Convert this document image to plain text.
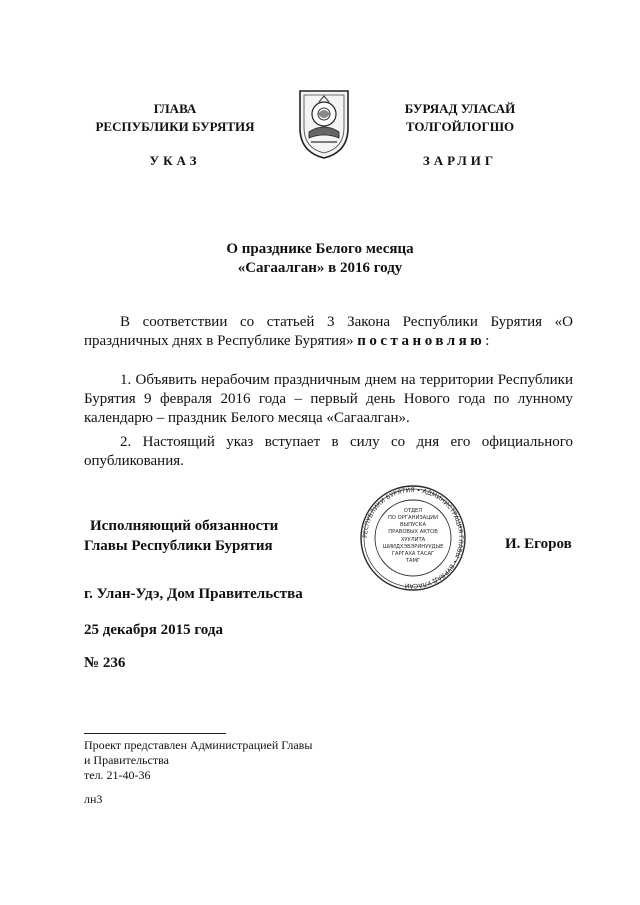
ГЛАВА
РЕСПУБЛИКИ БУРЯТИЯ
БУРЯАД УЛАСАЙ
ТОЛГОЙЛОГШО
УКАЗ	ЗАРЛИГ
О празднике Белого месяца
«Сагаалган» в 2016 году
В соответствии со статьей 3 Закона Республики Бурятия «О праздничных днях в Республике Бурятия» постановляю:
1. Объявить нерабочим праздничным днем на территории Республики Бурятия 9 февраля 2016 года – первый день Нового года по лунному календарю – праздник Белого месяца «Сагаалган».
2. Настоящий указ вступает в силу со дня его официального опубликования.
РЕСПУБЛИКИ БУРЯТИЯ • АДМИНИСТРАЦИЯ ГЛАВЫ • БУРЯАД УЛАСАЙ
ОТДЕЛ
ПО ОРГАНИЗАЦИИ
ВЫПУСКА
ПРАВОВЫХ АКТОВ
ХУУЛИТА
ШИИДХЭБЭРИНУУДЫЕ
ГАРГАХА ТАСАГ
ТАМГ
Исполняющий обязанности
Главы Республики Бурятия	И. Егоров
г. Улан-Удэ, Дом Правительства
25 декабря 2015 года
№ 236
Проект представлен Администрацией Главы
и Правительства
тел. 21-40-36
лн3
